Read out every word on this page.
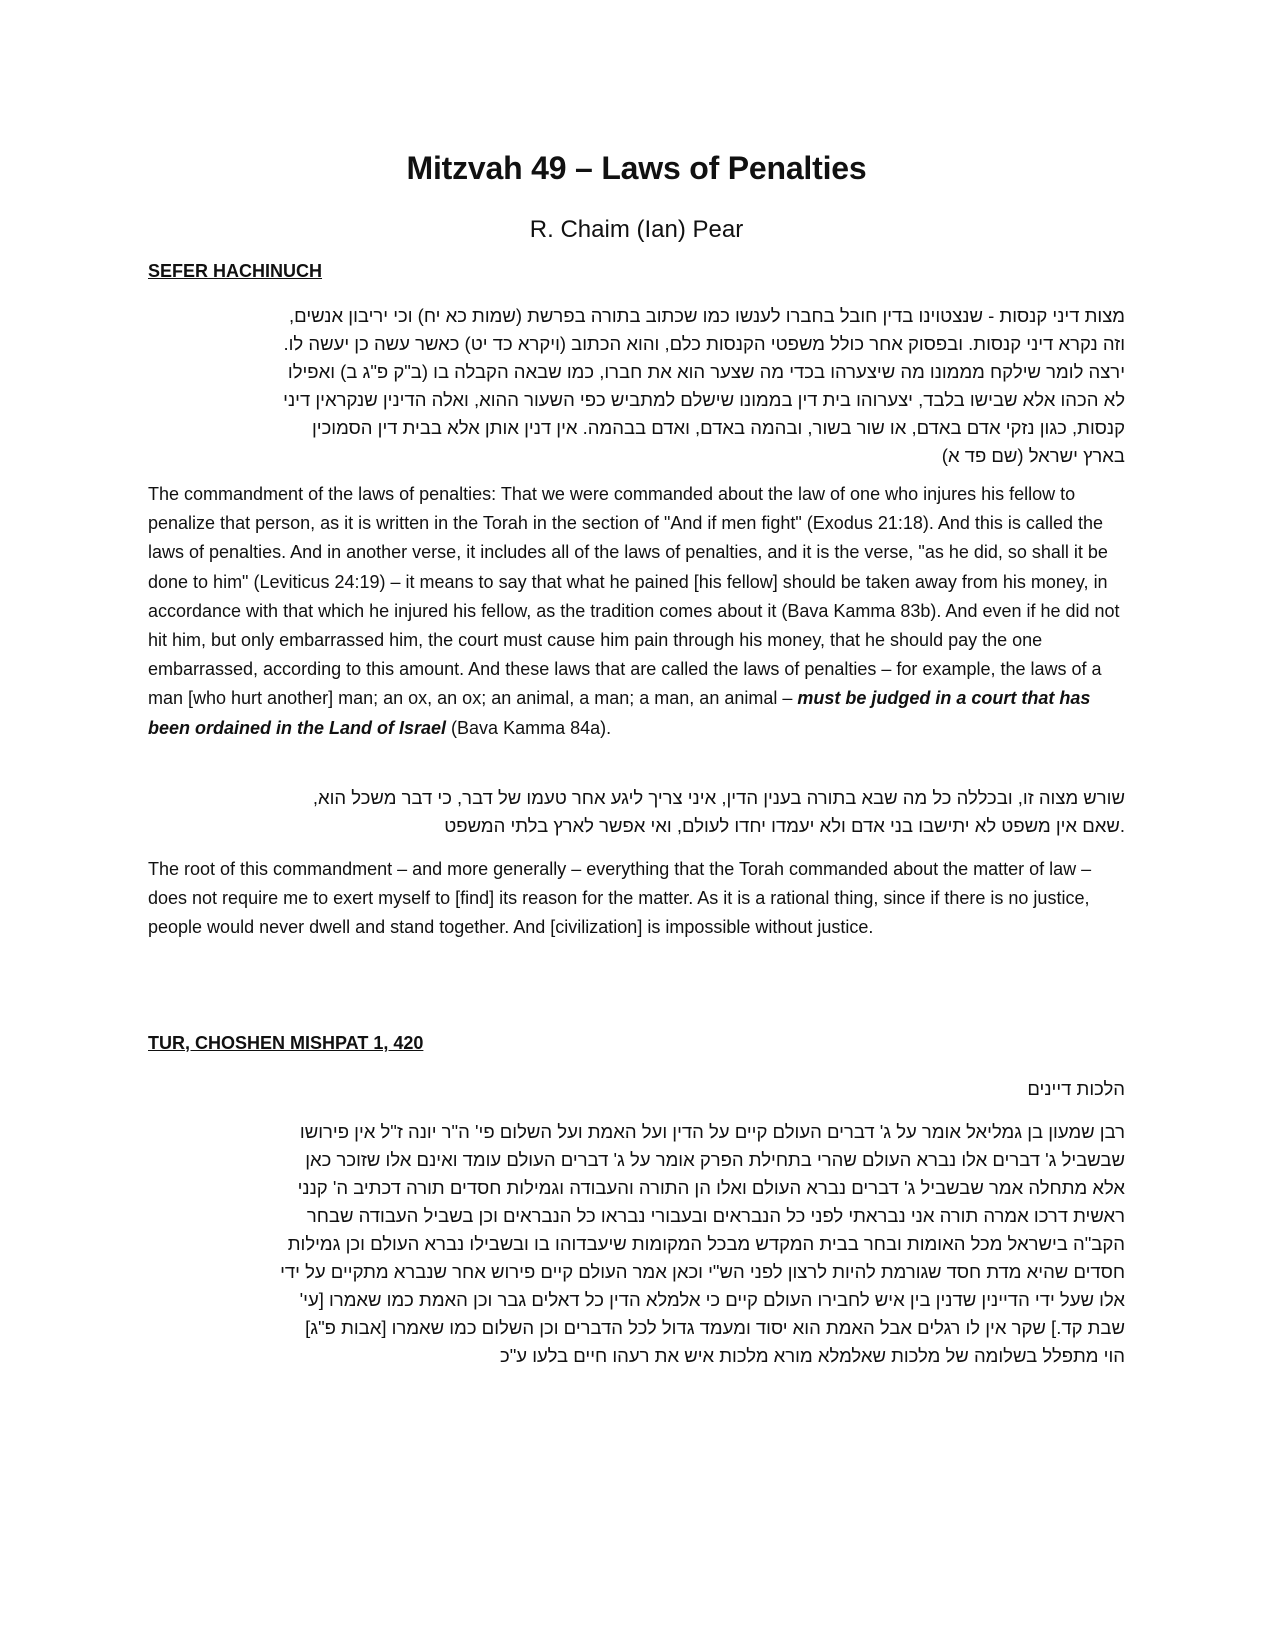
Mitzvah 49 – Laws of Penalties
R. Chaim (Ian) Pear
SEFER HACHINUCH
מצות דיני קנסות - שנצטוינו בדין חובל בחברו לענשו כמו שכתוב בתורה בפרשת (שמות כא יח) וכי יריבון אנשים,
וזה נקרא דיני קנסות. ובפסוק אחר כולל משפטי הקנסות כלם, והוא הכתוב (ויקרא כד יט) כאשר עשה כן יעשה לו.
ירצה לומר שילקח מממונו מה שיצערהו בכדי מה שצער הוא את חברו, כמו שבאה הקבלה בו (ב"ק פ"ג ב) ואפילו
לא הכהו אלא שבישו בלבד, יצערוהו בית דין בממונו שישלם למתביש כפי השעור ההוא, ואלה הדינין שנקראין דיני
קנסות, כגון נזקי אדם באדם, או שור בשור, ובהמה באדם, ואדם בבהמה. אין דנין אותן אלא בבית דין הסמוכין
בארץ ישראל (שם פד א)

The commandment of the laws of penalties: That we were commanded about the law of one who injures his fellow to penalize that person, as it is written in the Torah in the section of "And if men fight" (Exodus 21:18). And this is called the laws of penalties. And in another verse, it includes all of the laws of penalties, and it is the verse, "as he did, so shall it be done to him" (Leviticus 24:19) – it means to say that what he pained [his fellow] should be taken away from his money, in accordance with that which he injured his fellow, as the tradition comes about it (Bava Kamma 83b). And even if he did not hit him, but only embarrassed him, the court must cause him pain through his money, that he should pay the one embarrassed, according to this amount. And these laws that are called the laws of penalties – for example, the laws of a man [who hurt another] man; an ox, an ox; an animal, a man; a man, an animal – must be judged in a court that has been ordained in the Land of Israel (Bava Kamma 84a).

שורש מצוה זו, ובכללה כל מה שבא בתורה בענין הדין, איני צריך ליגע אחר טעמו של דבר, כי דבר משכל הוא,
.שאם אין משפט לא יתישבו בני אדם ולא יעמדו יחדו לעולם, ואי אפשר לארץ בלתי המשפט

The root of this commandment – and more generally – everything that the Torah commanded about the matter of law – does not require me to exert myself to [find] its reason for the matter. As it is a rational thing, since if there is no justice, people would never dwell and stand together. And [civilization] is impossible without justice.

TUR, CHOSHEN MISHPAT 1, 420
הלכות דיינים
רבן שמעון בן גמליאל אומר על ג' דברים העולם קיים על הדין ועל האמת ועל השלום פי' ה"ר יונה ז"ל אין פירושו
שבשביל ג' דברים אלו נברא העולם שהרי בתחילת הפרק אומר על ג' דברים העולם עומד ואינם אלו שזוכר כאן
אלא מתחלה אמר שבשביל ג' דברים נברא העולם ואלו הן התורה והעבודה וגמילות חסדים תורה דכתיב ה' קנני
ראשית דרכו אמרה תורה אני נבראתי לפני כל הנבראים ובעבורי נבראו כל הנבראים וכן בשביל העבודה שבחר
הקב"ה בישראל מכל האומות ובחר בבית המקדש מבכל המקומות שיעבדוהו בו ובשבילו נברא העולם וכן גמילות
חסדים שהיא מדת חסד שגורמת להיות לרצון לפני הש"י וכאן אמר העולם קיים פירוש אחר שנברא מתקיים על ידי
אלו שעל ידי הדיינין שדנין בין איש לחבירו העולם קיים כי אלמלא הדין כל דאלים גבר וכן האמת כמו שאמרו [עי'
שבת קד.] שקר אין לו רגלים אבל האמת הוא יסוד ומעמד גדול לכל הדברים וכן השלום כמו שאמרו [אבות פ"ג]
הוי מתפלל בשלומה של מלכות שאלמלא מורא מלכות איש את רעהו חיים בלעו ע"כ
